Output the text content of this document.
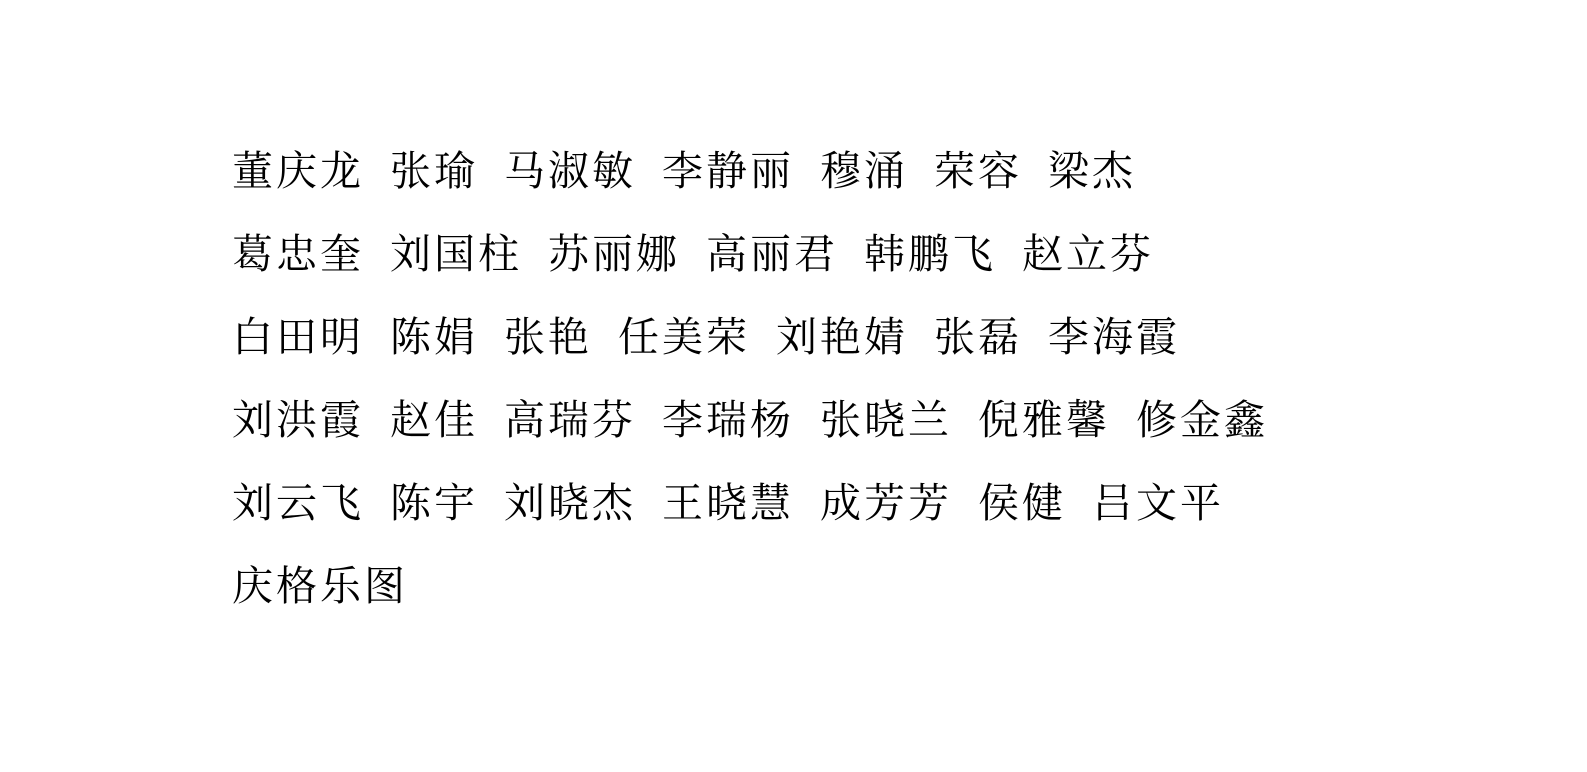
董庆龙 张瑜 马淑敏 李静丽 穆涌 荣容 梁杰
葛忠奎 刘国柱 苏丽娜 高丽君 韩鹏飞 赵立芬
白田明 陈娟 张艳 任美荣 刘艳婧 张磊 李海霞
刘洪霞 赵佳 高瑞芬 李瑞杨 张晓兰 倪雅馨 修金鑫
刘云飞 陈宇 刘晓杰 王晓慧 成芳芳 侯健 吕文平
庆格乐图
